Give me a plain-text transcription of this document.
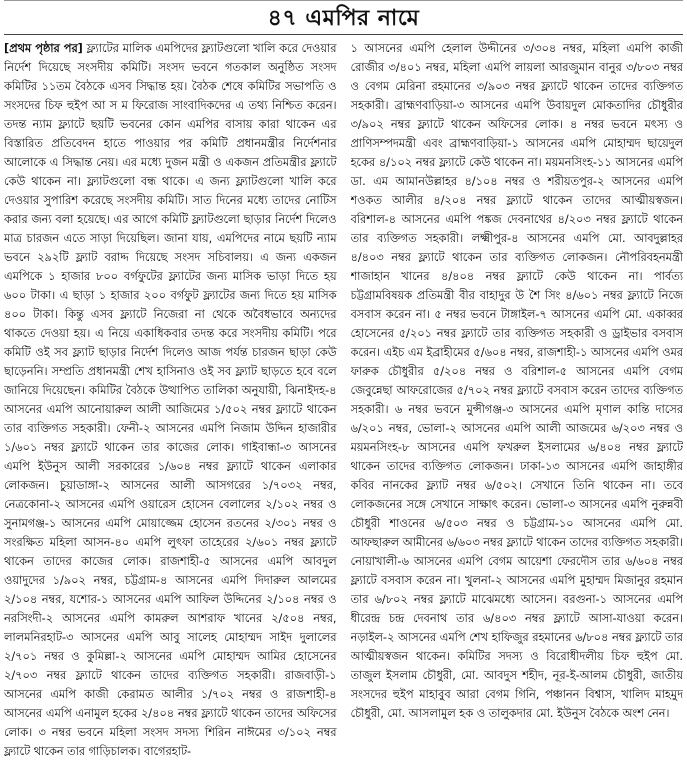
৪৭ এমপির নামে

[প্রথম পৃষ্ঠার পর] ফ্ল্যাটের মালিক এমপিদের ফ্ল্যাটগুলো খালি করে দেওয়ার নির্দেশ দিয়েছে সংসদীয় কমিটি। সংসদ ভবনে গতকাল অনুষ্ঠিত সংসদ কমিটির ১১তম বৈঠকে এসব সিদ্ধান্ত হয়। বৈঠক শেষে কমিটির সভাপতি ও সংসদের চিফ হুইপ আ স ম ফিরোজ সাংবাদিকদের এ তথ্য নিশ্চিত করেন। তদন্ত ন্যাম ফ্ল্যাটে ছয়টি ভবনের কোন এমপির বাসায় কারা থাকেন এর বিস্তারিত প্রতিবেদন হাতে পাওয়ার পর কমিটি প্রধানমন্ত্রীর নির্দেশনার আলোকে এ সিদ্ধান্ত নেয়। এর মধ্যে দুজন মন্ত্রী ও একজন প্রতিমন্ত্রীর ফ্ল্যাটে কেউ থাকেন না। ফ্ল্যাটগুলো বন্ধ থাকে। এ জন্য ফ্ল্যাটগুলো খালি করে দেওয়ার সুপারিশ করেছে সংসদীয় কমিটি। সাত দিনের মধ্যে তাদের নোটিস করার জন্য বলা হয়েছে। এর আগে কমিটি ফ্ল্যাটগুলো ছাড়ার নির্দেশ দিলেও মাত্র চারজন এতে সাড়া দিয়েছিল। জানা যায়, এমপিদের নামে ছয়টি ন্যাম ভবনে ২৯২টি ফ্ল্যাট বরাদ্দ দিয়েছে সংসদ সচিবালয়। এ জন্য একজন এমপিকে ১ হাজার ৮০০ বর্গফুটের ফ্ল্যাটের জন্য মাসিক ভাড়া দিতে হয় ৬০০ টাকা। এ ছাড়া ১ হাজার ২০০ বর্গফুট ফ্ল্যাটের জন্য দিতে হয় মাসিক ৪০০ টাকা। কিন্তু এসব ফ্ল্যাটে নিজেরা না থেকে অবৈধভাবে অন্যদের থাকতে দেওয়া হয়। এ নিয়ে একাধিকবার তদন্ত করে সংসদীয় কমিটি। পরে কমিটি ওই সব ফ্ল্যাট ছাড়ার নির্দেশ দিলেও আজ পর্যন্ত চারজন ছাড়া কেউ ছাড়েননি। সম্প্রতি প্রধানমন্ত্রী শেখ হাসিনাও ওই সব ফ্ল্যাট ছাড়তে হবে বলে জানিয়ে দিয়েছেন। কমিটির বৈঠকে উত্থাপিত তালিকা অনুযায়ী, ঝিনাইদহ-৪ আসনের এমপি আনোয়ারুল আলী আজিমের ১/৫০২ নম্বর ফ্ল্যাটে থাকেন তার ব্যক্তিগত সহকারী। ফেনী-২ আসনের এমপি নিজাম উদ্দিন হাজারীর ১/৬০১ নম্বর ফ্ল্যাটে থাকেন তার কাজের লোক। গাইবান্ধা-৩ আসনের এমপি ইউনুস আলী সরকারের ১/৬০৪ নম্বর ফ্ল্যাটে থাকেন এলাকার লোকজন। চুয়াডাঙ্গা-২ আসনের আলী আসগরের ১/৭০৩২ নম্বর, নেত্রকোনা-২ আসনের এমপি ওয়ারেস হোসেন বেলালের ২/১০২ নম্বর ও সুনামগঞ্জ-১ আসনের এমপি মোয়াজ্জেম হোসেন রতনের ২/৩০১ নম্বর ও সংরক্ষিত মহিলা আসন-৪০ এমপি লুৎফা তাহেরের ২/৬০১ নম্বর ফ্ল্যাটে থাকেন তাদের কাজের লোক। রাজশাহী-৫ আসনের এমপি আবদুল ওয়াদুদের ১/৯০২ নম্বর, চট্টগ্রাম-৪ আসনের এমপি দিদারুল আলমের ২/১০৪ নম্বর, যশোর-১ আসনের এমপি আফিল উদ্দিনের ২/১০৪ নম্বর ও নরসিংদী-২ আসনের এমপি কামরুল আশরাফ খানের ২/৫০৪ নম্বর, লালমনিরহাট-৩ আসনের এমপি আবু সালেহ মোহাম্মদ সাইদ দুলালের ২/৭০১ নম্বর ও কুমিল্লা-২ আসনের এমপি মোহাম্মদ আমির হোসেনের ২/৭০৩ নম্বর ফ্ল্যাটে থাকেন তাদের ব্যক্তিগত সহকারী। রাজবাড়ী-১ আসনের এমপি কাজী কেরামত আলীর ১/৭০২ নম্বর ও রাজশাহী-৪ আসনের এমপি এনামুল হকের ২/৪০৪ নম্বর ফ্ল্যাটে থাকেন তাদের অফিসের লোক। ৩ নম্বর ভবনে মহিলা সংসদ সদস্য শিরিন নাঈমের ৩/১০২ নম্বর ফ্ল্যাটে থাকেন তার গাড়িচালক। বাগেরহাট-

১ আসনের এমপি হেলাল উদ্দীনের ৩/৩০৪ নম্বর, মহিলা এমপি কাজী রোজীর ৩/৪০১ নম্বর, মহিলা এমপি লায়লা আরজুমান বানুর ৩/৮০৩ নম্বর ও বেগম মেরিনা রহমানের ৩/৯০৩ নম্বর ফ্ল্যাটে থাকেন তাদের ব্যক্তিগত সহকারী। ব্রাহ্মণবাড়িয়া-৩ আসনের এমপি উবায়দুল মোকতাদির চৌধুরীর ৩/৯০২ নম্বর ফ্ল্যাটে থাকেন অফিসের লোক। ৪ নম্বর ভবনে মৎস্য ও প্রাণিসম্পদমন্ত্রী এবং ব্রাহ্মণবাড়িয়া-১ আসনের এমপি মোহাম্মদ ছায়েদুল হকের ৪/১০২ নম্বর ফ্ল্যাটে কেউ থাকেন না। ময়মনসিংহ-১১ আসনের এমপি ডা. এম আমানউল্লাহর ৪/১০৪ নম্বর ও শরীয়তপুর-২ আসনের এমপি শওকত আলীর ৪/২০৪ নম্বর ফ্ল্যাটে থাকেন তাদের আত্মীয়স্বজন। বরিশাল-৪ আসনের এমপি পঙ্কজ দেবনাথের ৪/২০৩ নম্বর ফ্ল্যাটে থাকেন তার ব্যক্তিগত সহকারী। লক্ষ্মীপুর-৪ আসনের এমপি মো. আবদুল্লাহর ৪/৪০৩ নম্বর ফ্ল্যাটে থাকেন তার ব্যক্তিগত লোকজন। নৌপরিবহনমন্ত্রী শাজাহান খানের ৪/৪০৪ নম্বর ফ্ল্যাটে কেউ থাকেন না। পার্বত্য চট্টগ্রামবিষয়ক প্রতিমন্ত্রী বীর বাহাদুর উ শৈ সিং ৪/৬০১ নম্বর ফ্ল্যাটে নিজে বসবাস করেন না। ৫ নম্বর ভবনে টাঙ্গাইল-৭ আসনের এমপি মো. একাব্বর হোসেনের ৫/২০১ নম্বর ফ্ল্যাটে তার ব্যক্তিগত সহকারী ও ড্রাইভার বসবাস করেন। এইচ এম ইব্রাহীমের ৫/৬০৪ নম্বর, রাজশাহী-১ আসনের এমপি ওমর ফারুক চৌধুরীর ৫/২০৪ নম্বর ও বরিশাল-৫ আসনের এমপি বেগম জেবুন্নেছা আফরোজের ৫/৭০২ নম্বর ফ্ল্যাটে বসবাস করেন তাদের ব্যক্তিগত সহকারী। ৬ নম্বর ভবনে মুন্সীগঞ্জ-৩ আসনের এমপি মৃণাল কান্তি দাসের ৬/২০১ নম্বর, ভোলা-২ আসনের এমপি আলী আজমের ৬/২০৩ নম্বর ও ময়মনসিংহ-৮ আসনের এমপি ফখরুল ইসলামের ৬/৪০৪ নম্বর ফ্ল্যাটে থাকেন তাদের ব্যক্তিগত লোকজন। ঢাকা-১৩ আসনের এমপি জাহাঙ্গীর কবির নানকের ফ্ল্যাট নম্বর ৬/৫০২। সেখানে তিনি থাকেন না। তবে লোকজনের সঙ্গে সেখানে সাক্ষাৎ করেন। ভোলা-৩ আসনের এমপি নুরুন্নবী চৌধুরী শাওনের ৬/৫০৩ নম্বর ও চট্টগ্রাম-১০ আসনের এমপি মো. আফছারুল আমীনের ৬/৬০৩ নম্বর ফ্ল্যাটে থাকেন তাদের ব্যক্তিগত সহকারী। নোয়াখালী-৬ আসনের এমপি বেগম আয়েশা ফেরদৌস তার ৬/৬০৪ নম্বর ফ্ল্যাটে বসবাস করেন না। খুলনা-২ আসনের এমপি মুহাম্মদ মিজানুর রহমান তার ৬/৮০২ নম্বর ফ্ল্যাটে মাঝেমধ্যে আসেন। বরগুনা-১ আসনের এমপি ধীরেন্দ্র চন্দ্র দেবনাথ তার ৬/৪০৩ নম্বর ফ্ল্যাটে আসা-যাওয়া করেন। নড়াইল-২ আসনের এমপি শেখ হাফিজুর রহমানের ৬/৮০৪ নম্বর ফ্ল্যাটে তার আত্মীয়স্বজন থাকেন। কমিটির সদস্য ও বিরোধীদলীয় চিফ হুইপ মো. তাজুল ইসলাম চৌধুরী, মো. আবদুস শহীদ, নূর-ই-আলম চৌধুরী, জাতীয় সংসদের হুইপ মাহাবুব আরা বেগম গিনি, পঞ্চানন বিশ্বাস, খালিদ মাহমুদ চৌধুরী, মো. আসলামুল হক ও তালুকদার মো. ইউনুস বৈঠকে অংশ নেন।
